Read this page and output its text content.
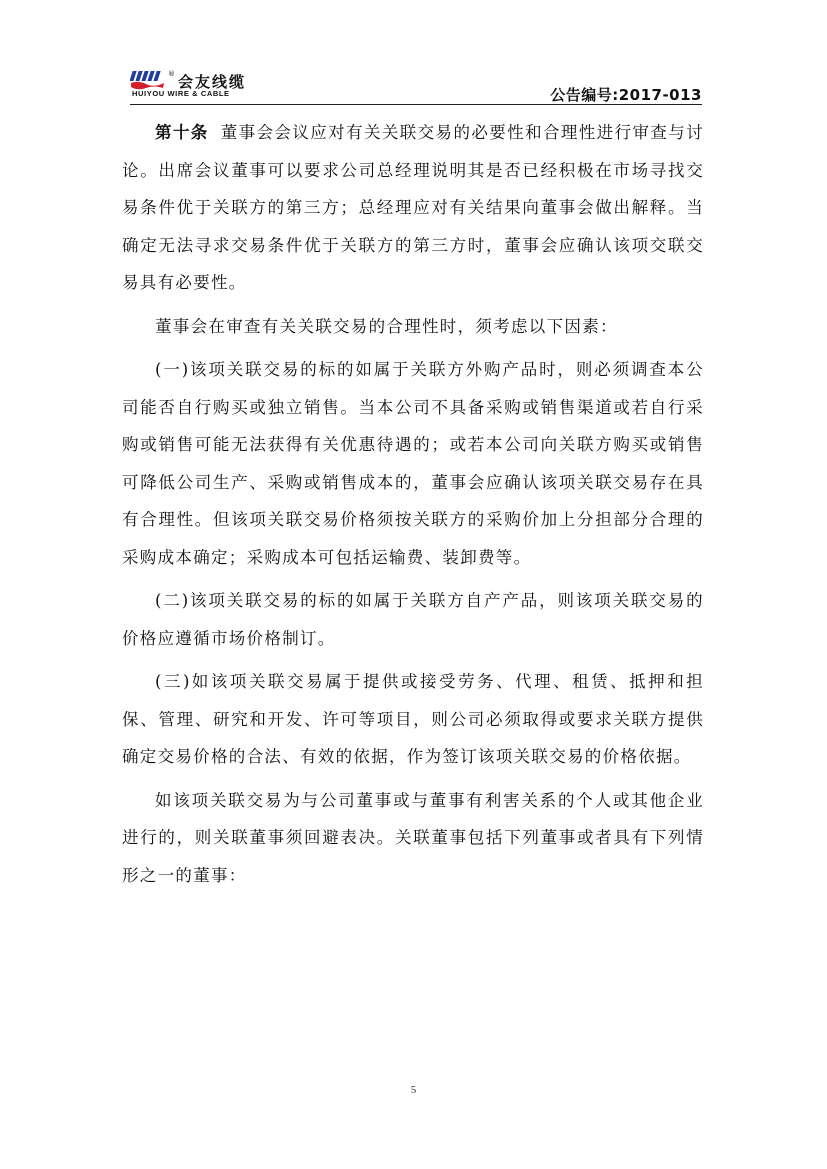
® 会友线缆
HUIYOU WIRE & CABLE	公告编号:2017-013

第十条 董事会会议应对有关关联交易的必要性和合理性进行审查与讨论。出席会议董事可以要求公司总经理说明其是否已经积极在市场寻找交易条件优于关联方的第三方；总经理应对有关结果向董事会做出解释。当确定无法寻求交易条件优于关联方的第三方时，董事会应确认该项交联交易具有必要性。

董事会在审查有关关联交易的合理性时，须考虑以下因素：

(一)该项关联交易的标的如属于关联方外购产品时，则必须调查本公司能否自行购买或独立销售。当本公司不具备采购或销售渠道或若自行采购或销售可能无法获得有关优惠待遇的；或若本公司向关联方购买或销售可降低公司生产、采购或销售成本的，董事会应确认该项关联交易存在具有合理性。但该项关联交易价格须按关联方的采购价加上分担部分合理的采购成本确定；采购成本可包括运输费、装卸费等。

(二)该项关联交易的标的如属于关联方自产产品，则该项关联交易的价格应遵循市场价格制订。

(三)如该项关联交易属于提供或接受劳务、代理、租赁、抵押和担保、管理、研究和开发、许可等项目，则公司必须取得或要求关联方提供确定交易价格的合法、有效的依据，作为签订该项关联交易的价格依据。

如该项关联交易为与公司董事或与董事有利害关系的个人或其他企业进行的，则关联董事须回避表决。关联董事包括下列董事或者具有下列情形之一的董事：

5
